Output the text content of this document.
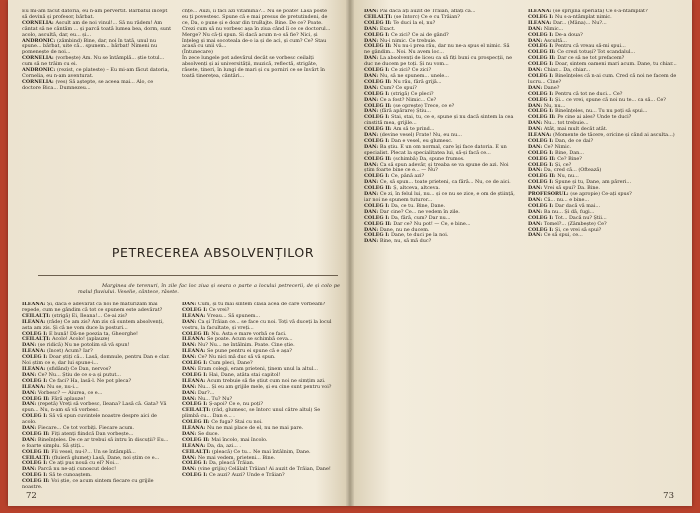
Eu mi-am făcut datoria, eu n-am pervertit. Bărbatul încept să devină și profesor, bărbat.

CORNELIA: Ascult am de noi vinul!... Să nu râdem! Am cântat să ne cântăm ... și parcă toată lumea bea, dorm, sunt acolo, ascultă, dar, eu... și...

ANDRONIC: (zâmbind) Bine, dar, noi în tată, unul nu spune... bărbat, uite că... spunem... bărbat! Nimeni nu pomenește de noi...

CORNELIA: (vorbește) Am. Nu se întâmplă... știe totul... cum să ne trăim cu ei.

ANDRONIC: (rezist, ce plateste) – Eu mi-am făcut datoria, Cornelia, eu n-am aventurat.

CORNELIA: (ves) Să aștepte, se aceea mai... Alo, ce doctore Bica... Dumnezeu...

cnțe... Auzi, îi faci azi vitamina?... Nu se poate! Lasă poste eu ți povestesc. Spune că e mai presus de pretutindeni, de ce, Da, o pune și e doar din truBajte. Bine. De ce? Poate. Crezi cum să nu vorbesc așa în ziua când îi ce ce doctorul... Merge? Nu că-ți spun. Si dacă acum n-o să fie? Nici, și înțeleg și mai socoteala de-o ia și de aci, și cum? Ce? Stau acasă cu unii vă...

(Întunecare)

În zece lungele pot adevărul decât se vorbesc ceilalți absolvenți și ai universității, muzică, reflectă, strigăte, râsete, tineri, în lungi de mari și cu porniri ce se învârt în toată tinerețea, cântări...

PETRECEREA ABSOLVENȚILOR
Marginea de terenuri, în zile fac loc ziua și seara o parte a locului petrecerii, de și colo pe malul fluviului. Veselie, cântece, râsete.

ILEANA: Și, dacă e adevărat că noi ne maturizăm mai repede, cum ne gândim că tot ce spunem este adevărat?

CEILALȚI: (strigă) Ei, Ileana!... Ce-ai zis?

ILEANA: (râde) Ce am zis? Am zis că suntem absolvenți, asta am zis. Și că ne vom duce la posturi...

COLEG I: E bună! Dă-ne poezia ta, Gheorghe!

CEILALȚI: Acolo! Acolo! (aplauze)

DAN: (se ridică) Nu ne potolim să vă spun!

ILEANA: (încet) Acum? Iar?

COLEG I: Doar știți că... Lasă, domnule, pentru Dan e clar. Noi știm ce e, dar lui spune-i...

ILEANA: (sfidând) Ce Dan, nervos?

DAN: Ce? Nu... Știu de ce s-a și putut...

COLEG I: Ce faci? Ha, lasă-l. Ne pot pleca?

ILEANA: Nu se, nu-i...

DAN: Vorbesc? — Aiurea, ce e...

COLEG II: Fără aplauze!

DAN: (repetă) Vreți să vorbesc, Ileana? Lasă că. Gata? Vă spun... Nu, n-am să vă vorbesc.

COLEG I: Să vă spun cuvintele noastre despre aici de acolo.

DAN: Fiecare... Ce tot vorbiți. Fiecare acum.

COLEG II: Fiți atenți fiindcă Dan vorbește...

DAN: Bineînțeles. De ce ar trebui să intru în discuții? Eu... e foarte simplu. Să știți...

COLEG II: Fii vesel, nu-i?... Un se întâmplă...

CEILALȚI: (fluieră glumeț) Lasă, Dane, noi știm ce e...

COLEG I: Ce ați pus nouă cu el? Noi...

DAN: Parcă nu ne-ați cunoscut deloc!

COLEG I: Să te cunoaștem.

COLEG II: Voi știe, ce acum sintem fiecare cu grijile noastre.

DAN: Cum, și tu mai sintem clasa acea de care vorbeam?

COLEG I: Ce vrei?

ILEANA: Vreau... Să spunem...

DAN: Ca și Trăian ce... se face cu noi. Toți vă duceți la locul vostru, la facultate, și vreți...

COLEG II: Nu. Asta e mare vorbă ce faci.

ILEANA: Se poate. Acum se schimbă ceva...

DAN: Nu? Nu... ne întâlnim. Poate. Cine știe.

ILEANA: Se pune pentru ei spune că e așa?

DAN: Ce? Nu nici mă duc să vă spun.

COLEG I: Cum pleci, Dane?

DAN: Eram colegi, eram prieteni, ținem unul la altul...

COLEG I: Hai, Dane, atâta stai capitol!

ILEANA: Acum trebuie să fie știut cum noi ne simțim azi.

DAN: Nu... Și eu am grijile mele, și eu cine sunt pentru voi?

DAN: Dar?...

DAN: Nu... Tu? Nu?

COLEG I: Ș-apoi? Ce e, nu poți?

CEILALȚI: (râd, glumesc, se întorc unul către altul) Se plimbă cu... Dan e... .

COLEG II: Ce fuga? Stai cu noi.

ILEANA: Nu ne mai place de el, nu ne mai pare.

DAN: Se duce.

COLEG II: Mai încolo, mai încolo.

ILEANA: Da, da, azi... .

CEILALȚI: (pleacă) Ce tu... Ne mai întâlnim, Dane.

DAN: Ne mai vedem, prieteni... Bine.

COLEG I: Da, pleacă Trăian.

DAN: (vine grijiu) Celălalt Trăian! Ai auzit de Trăian, Dane!

COLEG I: Ce auzi? Auzi? Unde e Trăian?

72

DAN: Păi dacă ați auzit de Trăian, aflați că...

CEILALȚI: (se întorc) Ce e cu Trăian?

COLEG II: Te duci la el, nu?

DAN: Exact.

COLEG I: Ce zici? Ce ai de gând?

DAN: Nu-i nimic. Ce trebuie.

COLEG II: Nu nu-i prea rău, dar nu ne-a spus el nimic. Să ne gândim... Noi. Nu avem loc...

DAN: La absolvenți de liceu ca să fiți buni cu prospecții, ne duc ne ducem pe toți. Și nu vom...

COLEG I: Ce zici? Ce zici?

DAN: Nu, să ne spunem... unele...

COLEG II: Nu rău, fără grijă...

DAN: Cum? Ce spui?

COLEG I: (strigă) Ce pleci?

DAN: Ce a fost? Nimic... Ce?

COLEG II: (se oprește) Trece, ce e?

DAN: (fără apărare) Știu...

COLEG I: Stai, stai, tu, ce e, spune și nu dacă sintem la cea cinstită mea, grijile...

COLEG II: Am să te prind...

DAN: (devine vesel) Frate! Nu, eu nu...

COLEG I: Dan e vesel, eu glumesc.

DAN: Ba știu. E un om normal, care își face datoria. E un specialist. Plecat la specialitatea lui, să-și facă ce...

COLEG II: (schimbă) Da, spune frumos.

DAN: Ca să spun adevăr, și treaba se va spune de azi. Noi știm foarte bine ce e... — Nu?

COLEG I: Ce, până azi?

DAN: Ce, să spun... toate prieteni, ca fără... Nu, ce de aici.

COLEG II: Ș, altceva, altceva.

DAN: Ce zi, în felul lui, nu... și ce nu se zice, e om de știință, iar noi ne spunem tuturor...

COLEG I: Da, ce tu. Bine, Dane.

DAN: Dar cine? Ce... ne vedem în zile.

COLEG I: Da, fără, cum? Dar nu...

COLEG II: Dar ce? Nu pot! — Ce, e bine...

DAN: Dane, nu ne ducem.

COLEG I: Dane, te duci pe la noi.

DAN: Bine, nu, să mă duc?

ILEANA: (se sprijină speriată) Ce s-a-ntâmplat?

COLEG I: Nu s-a-ntâmplat nimic.

ILEANA: Dar... (Mâna)... Nu?...

DAN: Nimic...

COLEG I: De-a doua?

DAN: Ascultă...

COLEG I: Pentru că vreau să-mi spui...

COLEG II: Ce crezi totuși? Tot scandalul...

COLEG II: Dar ce să ne tot prefacem?

COLEG I: Doar, sintem oameni mari acum. Dane, tu chiar...

DAN: Chiar... Da, chiar...

COLEG I: Bineînțeles că n-ai cum. Cred că noi ne facem de lucru... Cine?

DAN: Dane?

COLEG I: Pentru că tot ne duci... Ce?

COLEG I: Și... ce vrei, spune că noi nu te... ca să... Ce?

DAN: Nu, nu...

COLEG I: Bineînțeles, nu... Tu nu poți să spui...

COLEG II: Pe cine ai ales? Unde te duci?

DAN: Nu... tot trebuie...

DAN: Atât, mai mult decât atât.

ILEANA: (Momente de tăcere, oricine și când ai asculta...)

COLEG I: Dan, de ce dai?

DAN: Ce? Nimic.

COLEG I: Bine, Dan...

COLEG II: Ce? Bine?

COLEG I: Și, ce?

DAN: Da, cred că... (Oftează)

COLEG II: Nu, nu...

COLEG I: Spune și tu, Dane, am păreri...

DAN: Vrei să spui? Da. Bine.

PROFESORUL: (se apropie) Ce-ați spus?

DAN: Că... nu... e bine...

COLEG I: Dar dacă vă mai...

DAN: Ba nu... Și dă, fugi...

COLEG I: Tot... Dacă nu? Știi...

DAN: Tomel?... (Zâmbește) Ce?

COLEG I: Și, ce vrei să spui?

DAN: Ce să spui, ce...

73
